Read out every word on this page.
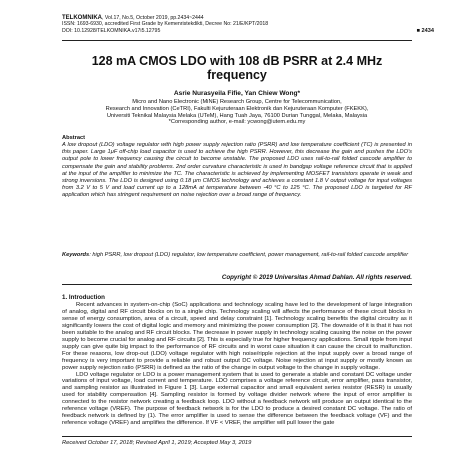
TELKOMNIKA, Vol.17, No.5, October 2019, pp.2434~2444
ISSN: 1693-6930, accredited First Grade by Kemenristekdikti, Decree No: 21/E/KPT/2018
DOI: 10.12928/TELKOMNIKA.v17i5.12795	■ 2434
128 mA CMOS LDO with 108 dB PSRR at 2.4 MHz frequency
Asrie Nurasyeila Fifie, Yan Chiew Wong*
Micro and Nano Electronic (MiNE) Research Group, Centre for Telecommunication,
Research and Innovation (CeTRI), Fakulti Kejuruteraan Elektronik dan Kejuruteraan Komputer (FKEKK),
Universiti Teknikal Malaysia Melaka (UTeM), Hang Tuah Jaya, 76100 Durian Tunggal, Melaka, Malaysia
*Corresponding author, e-mail: ycwong@utem.edu.my
Abstract
A low dropout (LDO) voltage regulator with high power supply rejection ratio (PSRR) and low temperature coefficient (TC) is presented in this paper. Large 1μF off-chip load capacitor is used to achieve the high PSRR. However, this decrease the gain and pushes the LDO's output pole to lower frequency causing the circuit to become unstable. The proposed LDO uses rail-to-rail folded cascode amplifier to compensate the gain and stability problems. 2nd order curvature characteristic is used in bandgap voltage reference circuit that is applied at the input of the amplifier to minimize the TC. The characteristic is achieved by implementing MOSFET transistors operate in weak and strong inversions. The LDO is designed using 0.18 μm CMOS technology and achieves a constant 1.8 V output voltage for input voltages from 3.2 V to 5 V and load current up to a 128mA at temperature between -40 °C to 125 °C. The proposed LDO is targeted for RF application which has stringent requirement on noise rejection over a broad range of frequency.
Keywords: high PSRR, low dropout (LDO) regulator, low temperature coefficient, power management, rail-to-rail folded cascode amplifier
Copyright © 2019 Universitas Ahmad Dahlan. All rights reserved.
1. Introduction

Recent advances in system-on-chip (SoC) applications and technology scaling have led to the development of large integration of analog, digital and RF circuit blocks on to a single chip. Technology scaling will affects the performance of these circuit blocks in sense of energy consumption, area of a circuit, speed and delay constraint [1]. Technology scaling benefits the digital circuitry as it significantly lowers the cost of digital logic and memory and minimizing the power consumption [2]. The downside of it is that it has not been suitable to the analog and RF circuit blocks. The decrease in power supply in technology scaling causing the noise on the power supply to become crucial for analog and RF circuits [2]. This is especially true for higher frequency applications. Small ripple from input supply can give quite big impact to the performance of RF circuits and in worst case situation it can cause the circuit to malfunction. For these reasons, low drop-out (LDO) voltage regulator with high noise/ripple rejection at the input supply over a broad range of frequency is very important to provide a reliable and robust output DC voltage. Noise rejection at input supply or mostly known as power supply rejection ratio (PSRR) is defined as the ratio of the change in output voltage to the change in supply voltage.

LDO voltage regulator or LDO is a power management system that is used to generate a stable and constant DC voltage under variations of input voltage, load current and temperature. LDO comprises a voltage reference circuit, error amplifier, pass transistor, and sampling resistor as illustrated in Figure 1 [3]. Large external capacitor and small equivalent series resistor (RESR) is usually used for stability compensation [4]. Sampling resistor is formed by voltage divider network where the input of error amplifier is connected to the resistor network creating a feedback loop. LDO without a feedback network will produce an output identical to the reference voltage (VREF). The purpose of feedback network is for the LDO to produce a desired constant DC voltage. The ratio of feedback network is defined by (1). The error amplifier is used to sense the difference between the feedback voltage (VF) and the reference voltage (VREF) and amplifies the difference. If VF < VREF, the amplifier will pull lower the gate

Received October 17, 2018; Revised April 1, 2019; Accepted May 3, 2019
